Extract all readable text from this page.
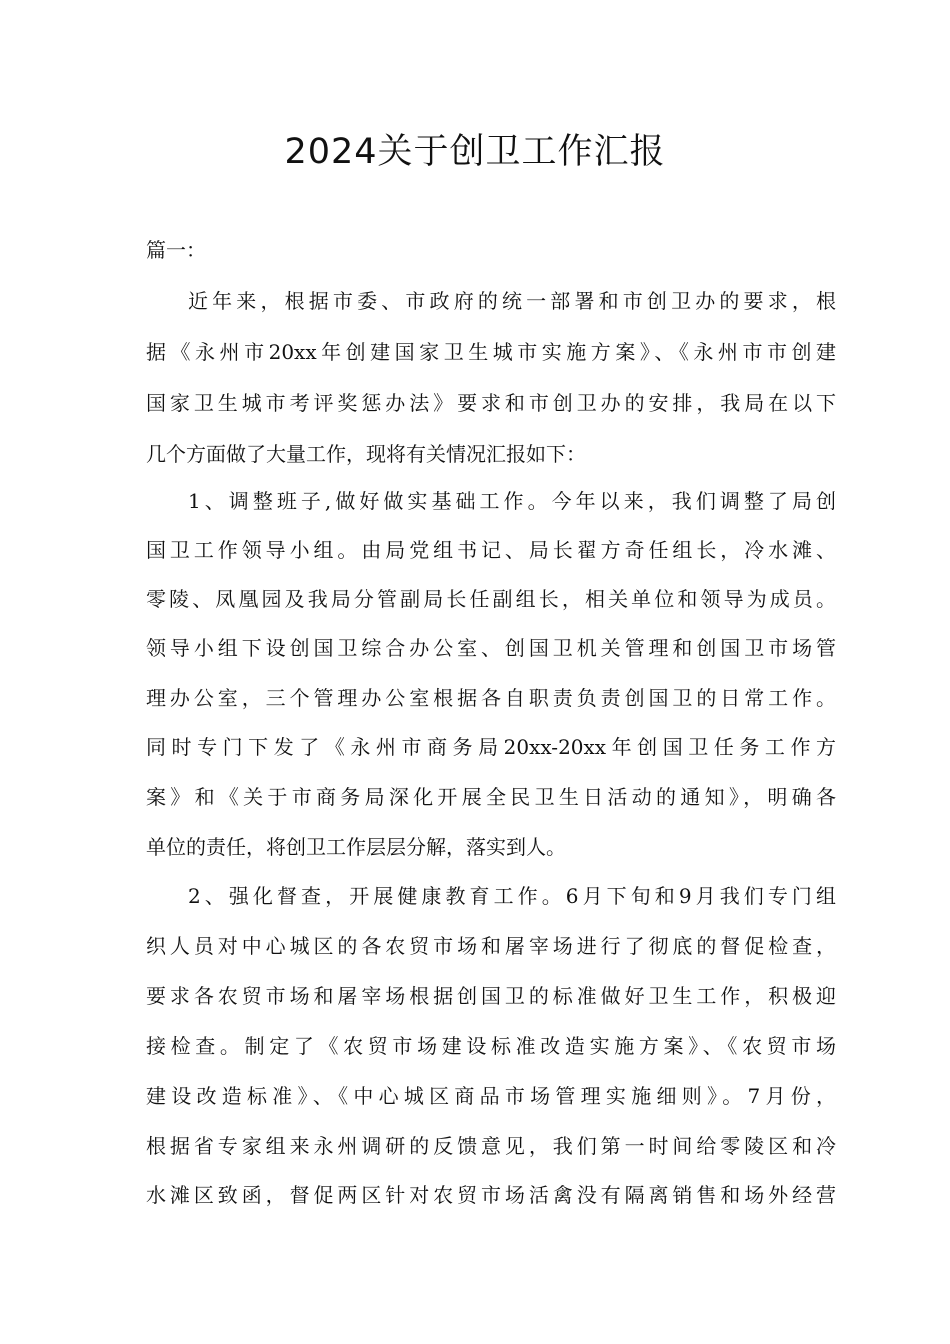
2024关于创卫工作汇报

篇一：

近年来，根据市委、市政府的统一部署和市创卫办的要求，根

据《永州市20xx年创建国家卫生城市实施方案》、《永州市市创建

国家卫生城市考评奖惩办法》要求和市创卫办的安排，我局在以下

几个方面做了大量工作，现将有关情况汇报如下：

1、调整班子,做好做实基础工作。今年以来，我们调整了局创

国卫工作领导小组。由局党组书记、局长翟方奇任组长，冷水滩、

零陵、凤凰园及我局分管副局长任副组长，相关单位和领导为成员。

领导小组下设创国卫综合办公室、创国卫机关管理和创国卫市场管

理办公室，三个管理办公室根据各自职责负责创国卫的日常工作。

同时专门下发了《永州市商务局20xx-20xx年创国卫任务工作方

案》和《关于市商务局深化开展全民卫生日活动的通知》，明确各

单位的责任，将创卫工作层层分解，落实到人。

2、强化督查，开展健康教育工作。6月下旬和9月我们专门组

织人员对中心城区的各农贸市场和屠宰场进行了彻底的督促检查，

要求各农贸市场和屠宰场根据创国卫的标准做好卫生工作，积极迎

接检查。制定了《农贸市场建设标准改造实施方案》、《农贸市场

建设改造标准》、《中心城区商品市场管理实施细则》。7月份，

根据省专家组来永州调研的反馈意见，我们第一时间给零陵区和冷

水滩区致函，督促两区针对农贸市场活禽没有隔离销售和场外经营
